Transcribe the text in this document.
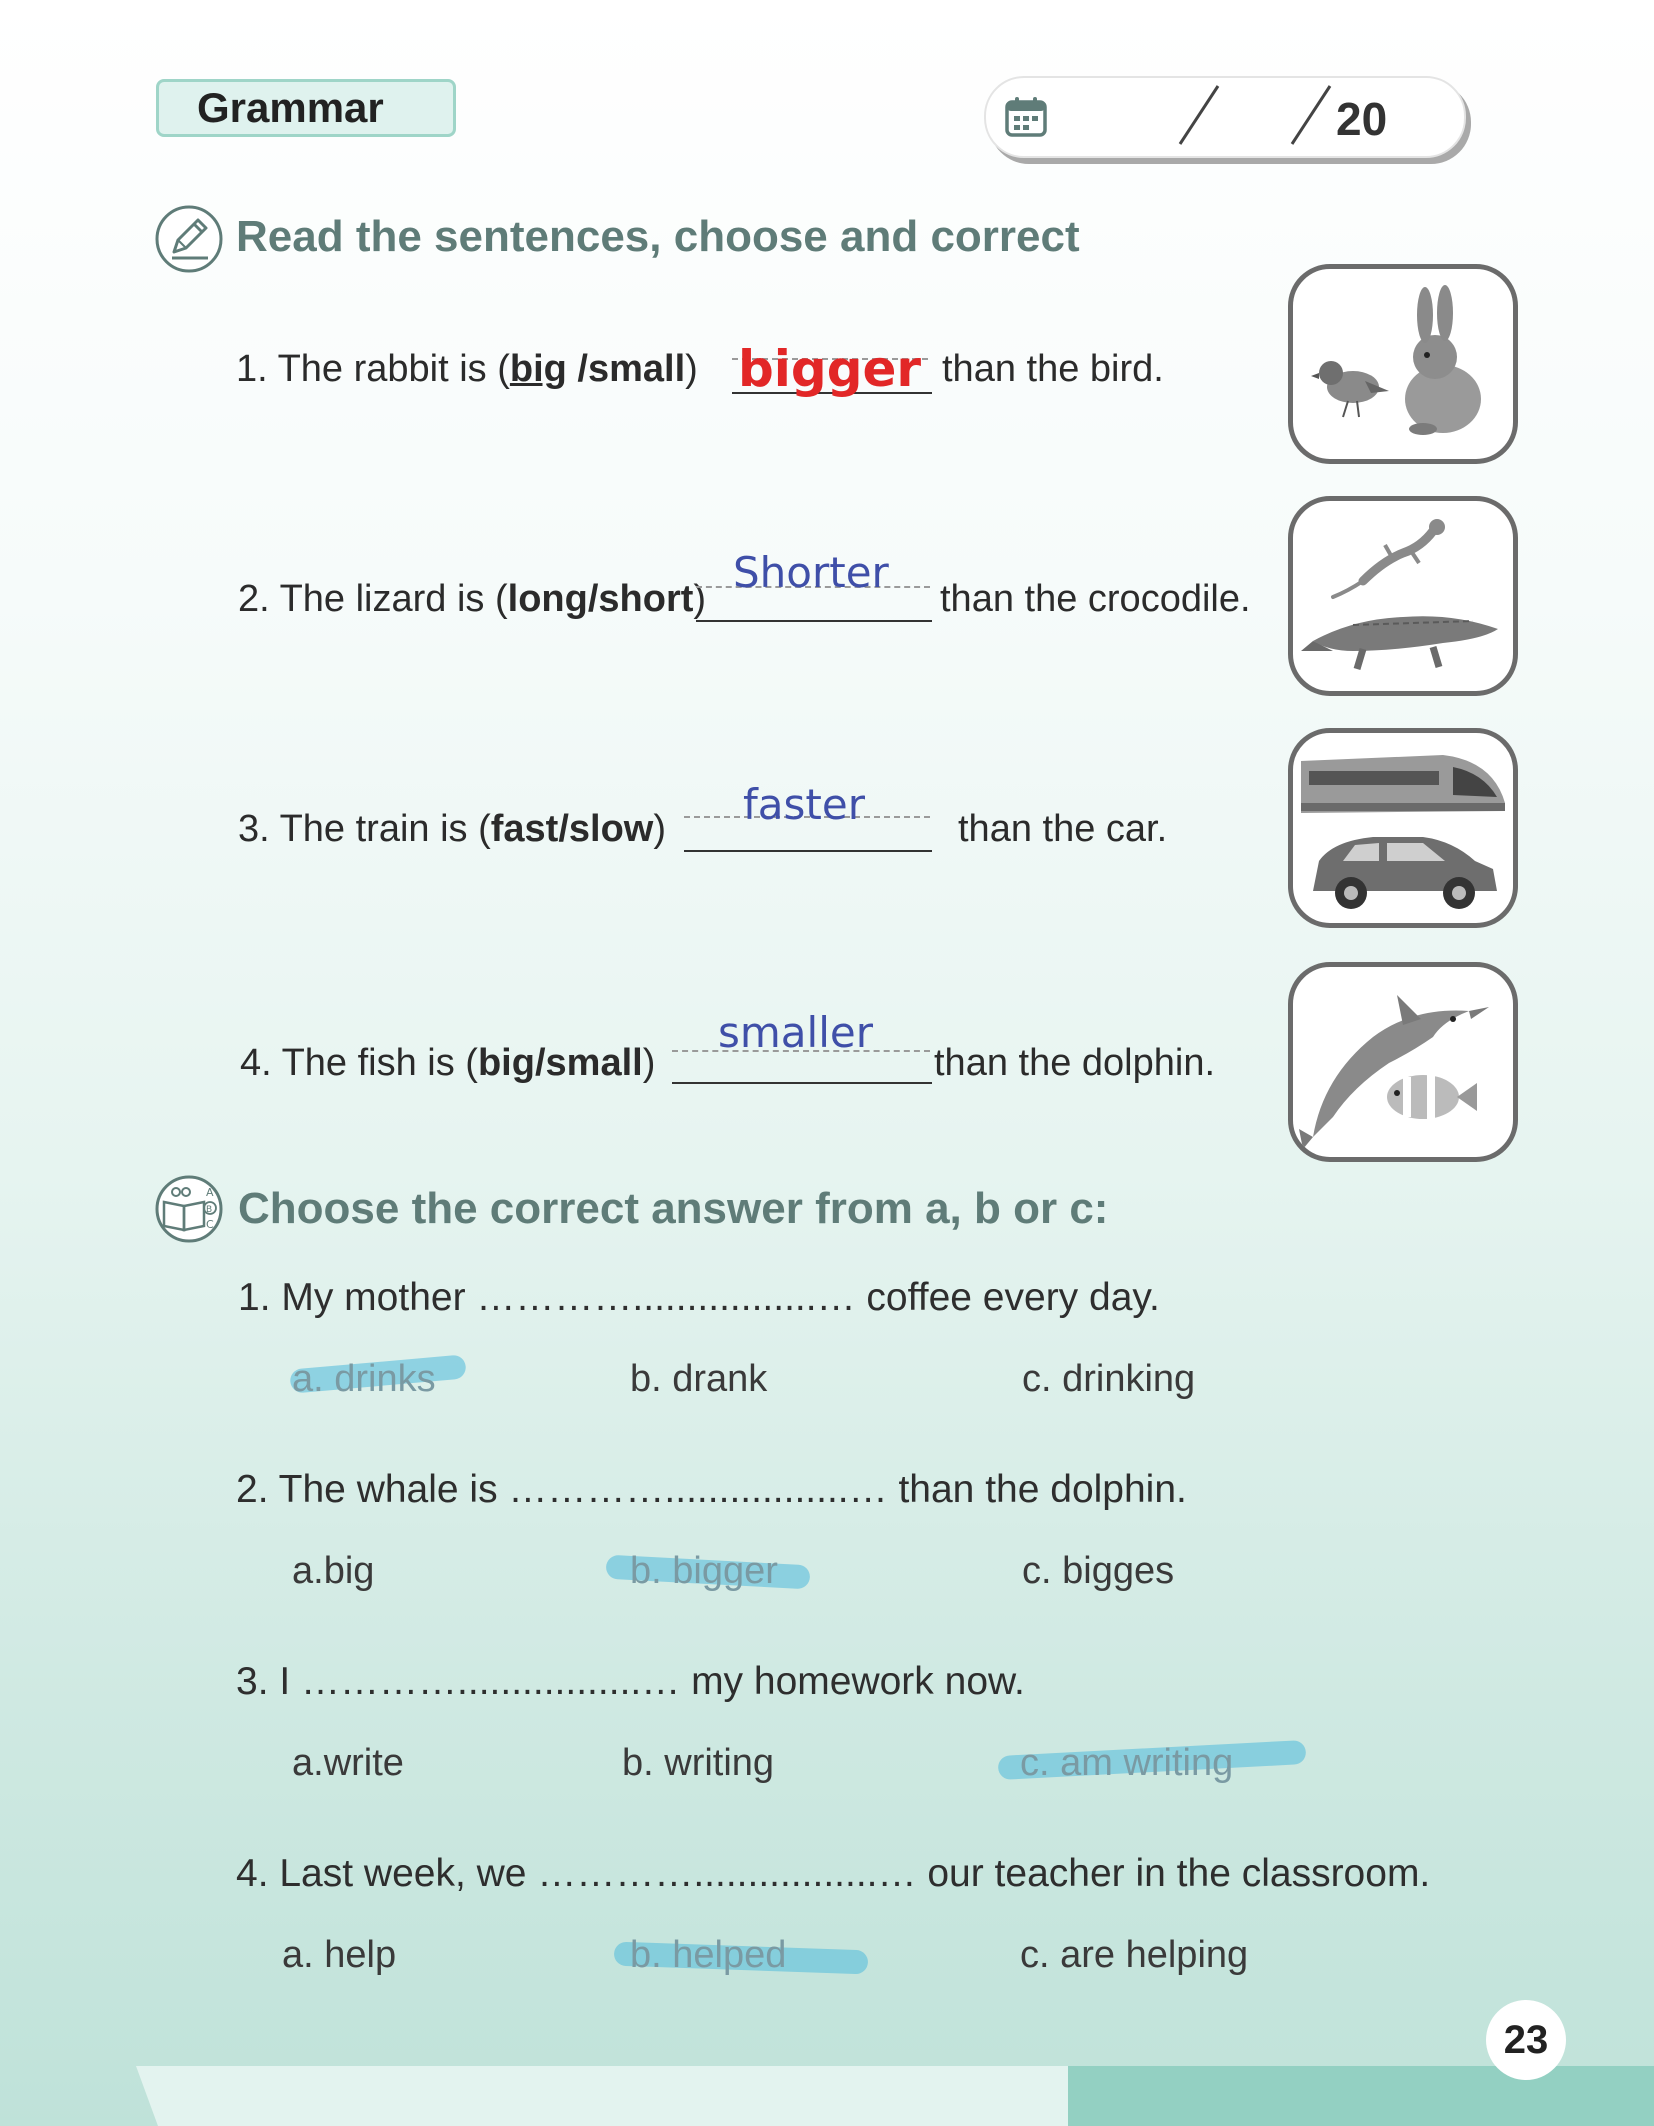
Grammar	20
Read the sentences, choose and correct
1. The rabbit is (big /small) bigger than the bird.
2. The lizard is (long/short)
Shorter
than the crocodile.
3. The train is (fast/slow) faster than the car.
4. The fish is (big/small)
smaller
than the dolphin.
A
B
C Choose the correct answer from a, b or c:
1. My mother ………….................… coffee every day.
a. drinks	b. drank	c. drinking
2. The whale is ………….................… than the dolphin.
a.big	b. bigger	c. bigges
3. I ………….................… my homework now.
a.write	b. writing	c. am writing
4. Last week, we ………….................… our teacher in the classroom.
a. help	b. helped	c. are helping
23
